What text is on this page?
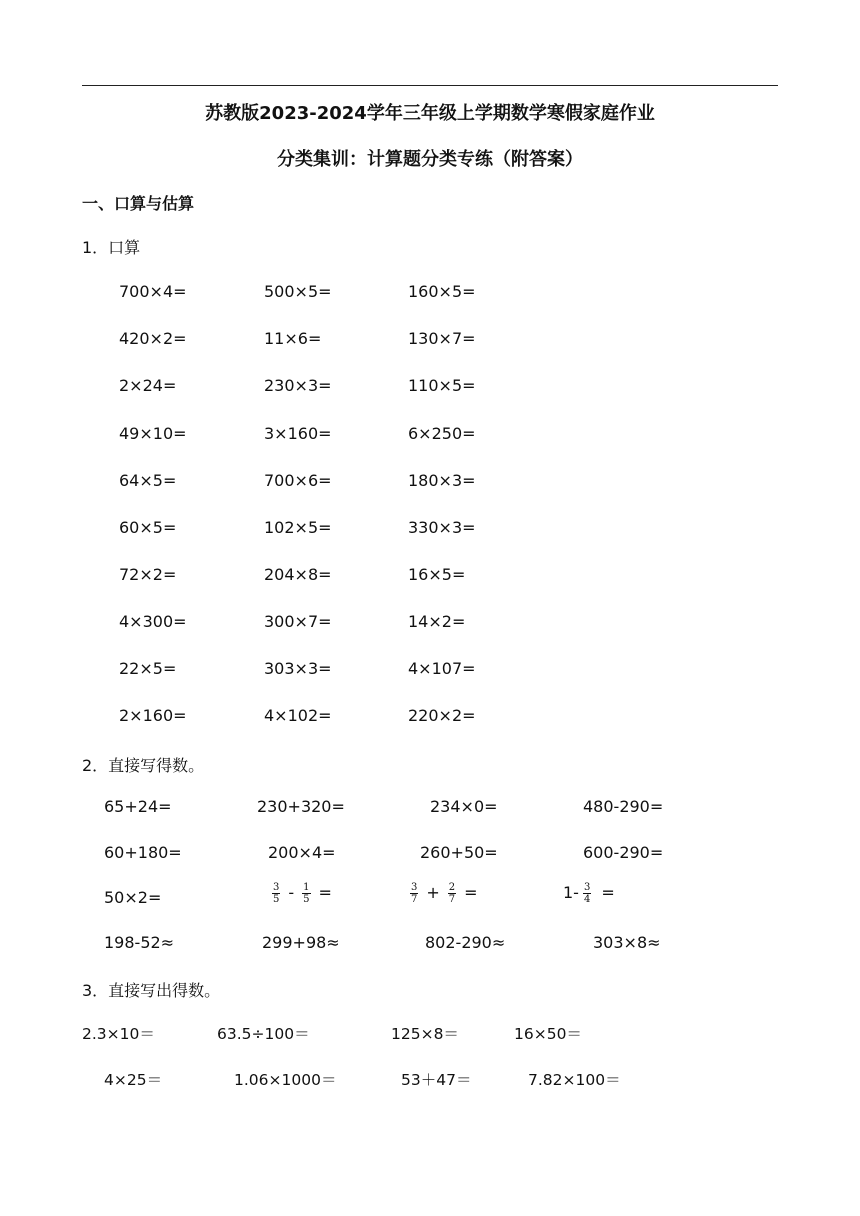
苏教版2023-2024学年三年级上学期数学寒假家庭作业
分类集训：计算题分类专练（附答案）
一、口算与估算
1．口算
700×4=	500×5=	160×5=
420×2=	11×6=	130×7=
2×24=	230×3=	110×5=
49×10=	3×160=	6×250=
64×5=	700×6=	180×3=
60×5=	102×5=	330×3=
72×2=	204×8=	16×5=
4×300=	300×7=	14×2=
22×5=	303×3=	4×107=
2×160=	4×102=	220×2=
2．直接写得数。
65+24=	230+320=	234×0=	480-290=
60+180=	200×4=	260+50=	600-290=
50×2=	$\frac{3}{5} - \frac{1}{5}$ =	$\frac{3}{7} + \frac{2}{7}$ =	$1- \frac{3}{4}$ =
198-52≈	299+98≈	802-290≈	303×8≈
3．直接写出得数。
2.3×10＝	63.5÷100＝	125×8＝	16×50＝
4×25＝	1.06×1000＝	53＋47＝	7.82×100＝
